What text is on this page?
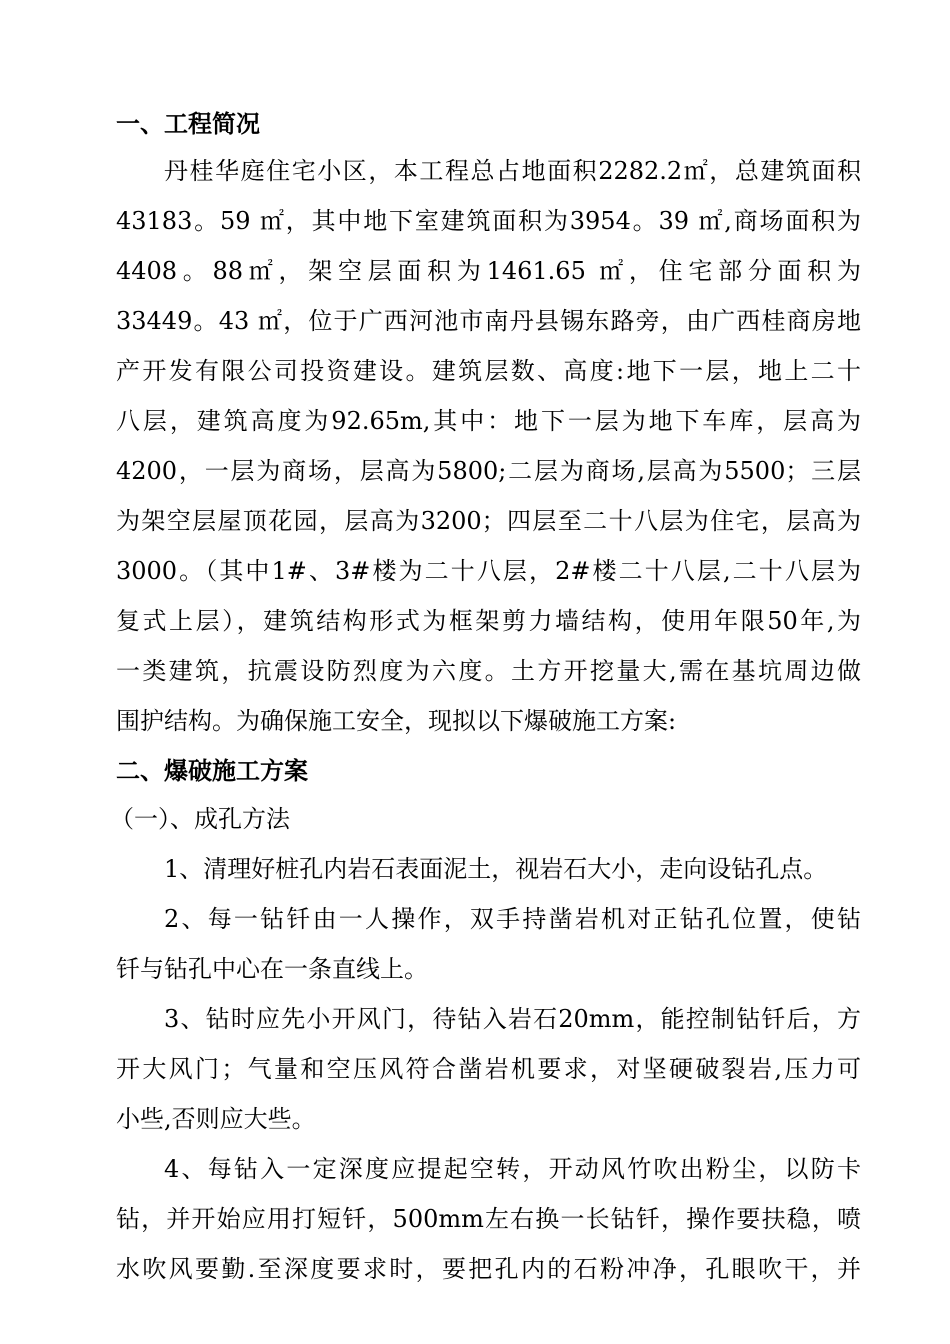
一、工程简况
丹桂华庭住宅小区，本工程总占地面积2282.2㎡，总建筑面积
43183。59 ㎡，其中地下室建筑面积为3954。39 ㎡,商场面积为
4408。88㎡，架空层面积为1461.65 ㎡，住宅部分面积为
33449。43 ㎡，位于广西河池市南丹县锡东路旁，由广西桂商房地
产开发有限公司投资建设。建筑层数、高度:地下一层，地上二十
八层，建筑高度为92.65m,其中：地下一层为地下车库，层高为
4200，一层为商场，层高为5800;二层为商场,层高为5500；三层
为架空层屋顶花园，层高为3200；四层至二十八层为住宅，层高为
3000。（其中1#、3#楼为二十八层，2#楼二十八层,二十八层为
复式上层），建筑结构形式为框架剪力墙结构，使用年限50年,为
一类建筑，抗震设防烈度为六度。土方开挖量大,需在基坑周边做
围护结构。为确保施工安全，现拟以下爆破施工方案:
二、爆破施工方案
（一）、成孔方法
1、清理好桩孔内岩石表面泥土，视岩石大小，走向设钻孔点。
2、每一钻钎由一人操作，双手持凿岩机对正钻孔位置，使钻
钎与钻孔中心在一条直线上。
3、钻时应先小开风门，待钻入岩石20mm，能控制钻钎后，方
开大风门；气量和空压风符合凿岩机要求，对坚硬破裂岩,压力可
小些,否则应大些。
4、每钻入一定深度应提起空转，开动风竹吹出粉尘，以防卡
钻，并开始应用打短钎，500mm左右换一长钻钎，操作要扶稳，喷
水吹风要勤.至深度要求时，要把孔内的石粉冲净，孔眼吹干，并
